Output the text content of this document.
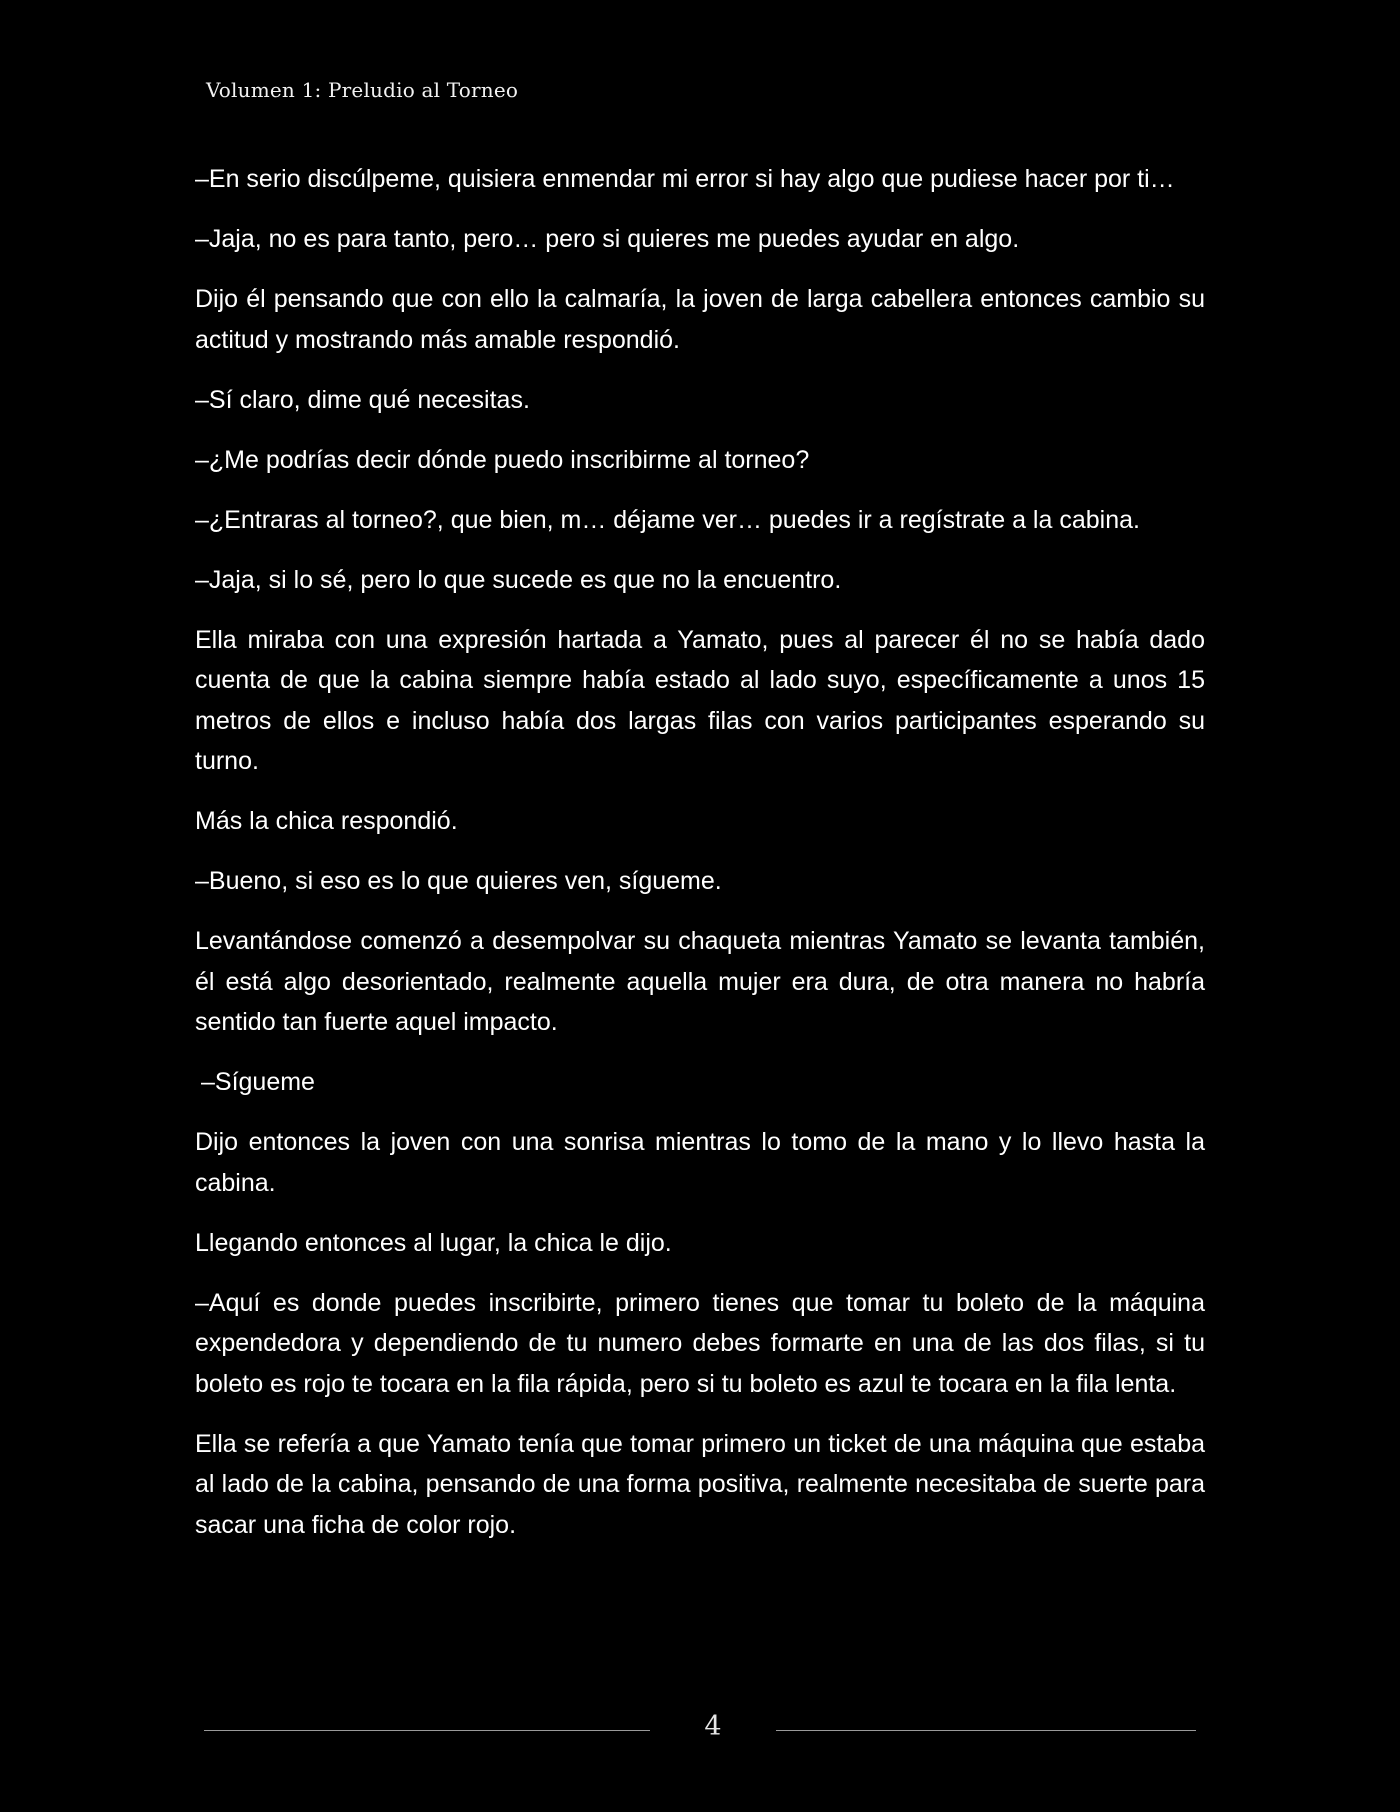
Volumen 1: Preludio al Torneo

–En serio discúlpeme, quisiera enmendar mi error si hay algo que pudiese hacer por ti…

–Jaja, no es para tanto, pero… pero si quieres me puedes ayudar en algo.

Dijo él pensando que con ello la calmaría, la joven de larga cabellera entonces cambio su actitud y mostrando más amable respondió.

–Sí claro, dime qué necesitas.

–¿Me podrías decir dónde puedo inscribirme al torneo?

–¿Entraras al torneo?, que bien, m… déjame ver… puedes ir a regístrate a la cabina.

–Jaja, si lo sé, pero lo que sucede es que no la encuentro.

Ella miraba con una expresión hartada a Yamato, pues al parecer él no se había dado cuenta de que la cabina siempre había estado al lado suyo, específicamente a unos 15 metros de ellos e incluso había dos largas filas con varios participantes esperando su turno.

Más la chica respondió.

–Bueno, si eso es lo que quieres ven, sígueme.

Levantándose comenzó a desempolvar su chaqueta mientras Yamato se levanta también, él está algo desorientado, realmente aquella mujer era dura, de otra manera no habría sentido tan fuerte aquel impacto.

–Sígueme

Dijo entonces la joven con una sonrisa mientras lo tomo de la mano y lo llevo hasta la cabina.

Llegando entonces al lugar, la chica le dijo.

–Aquí es donde puedes inscribirte, primero tienes que tomar tu boleto de la máquina expendedora y dependiendo de tu numero debes formarte en una de las dos filas, si tu boleto es rojo te tocara en la fila rápida, pero si tu boleto es azul te tocara en la fila lenta.

Ella se refería a que Yamato tenía que tomar primero un ticket de una máquina que estaba al lado de la cabina, pensando de una forma positiva, realmente necesitaba de suerte para sacar una ficha de color rojo.

4
